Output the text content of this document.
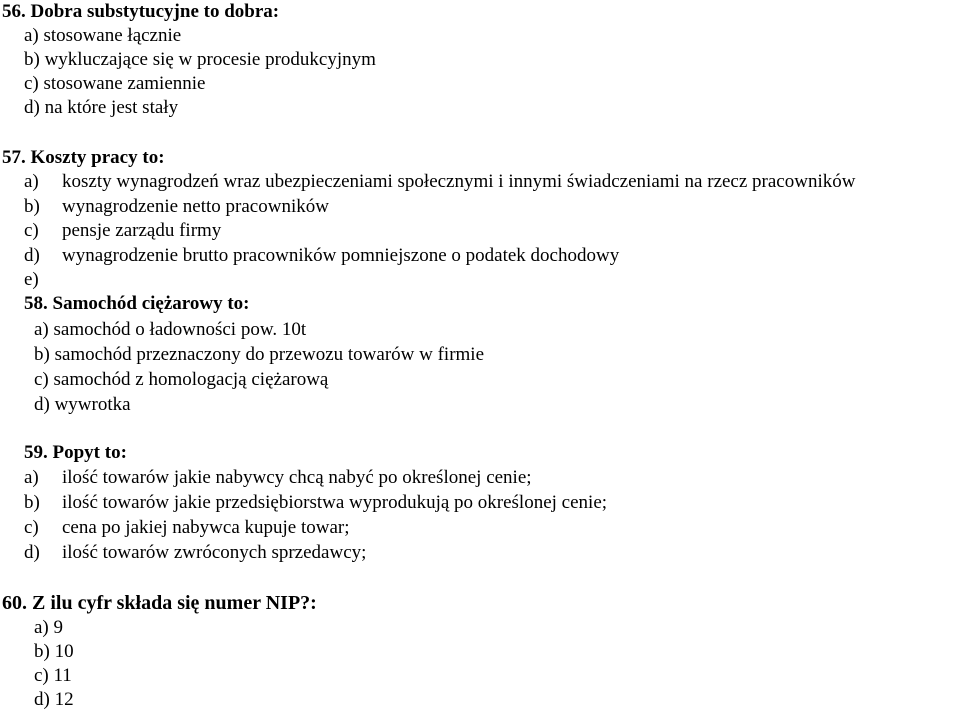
56. Dobra substytucyjne to dobra:
a) stosowane łącznie
b) wykluczające się w procesie produkcyjnym
c) stosowane zamiennie
d) na które jest stały
57. Koszty pracy to:
a) koszty wynagrodzeń wraz ubezpieczeniami społecznymi i innymi świadczeniami na rzecz pracowników
b) wynagrodzenie netto pracowników
c) pensje zarządu firmy
d) wynagrodzenie brutto pracowników pomniejszone o podatek dochodowy
e)
58. Samochód ciężarowy to:
a) samochód o ładowności pow. 10t
b) samochód przeznaczony do przewozu towarów w firmie
c) samochód z homologacją ciężarową
d) wywrotka
59. Popyt to:
a) ilość towarów jakie nabywcy chcą nabyć po określonej cenie;
b) ilość towarów jakie przedsiębiorstwa wyprodukują po określonej cenie;
c) cena po jakiej nabywca kupuje towar;
d) ilość towarów zwróconych sprzedawcy;
60. Z ilu cyfr składa się numer NIP?:
a) 9
b) 10
c) 11
d) 12
